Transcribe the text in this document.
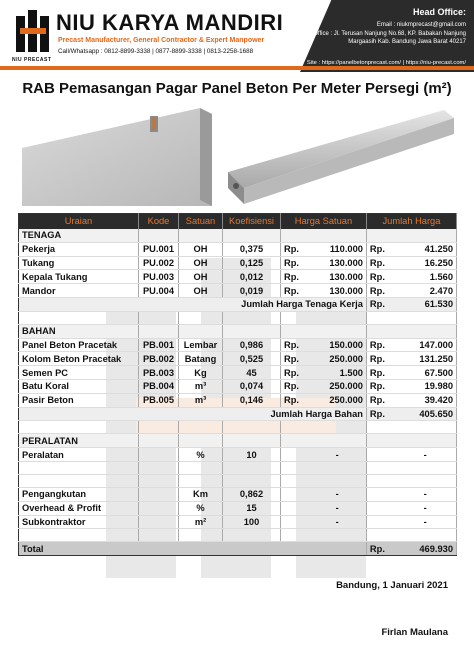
NIU PRECAST
NIU KARYA MANDIRI
Precast Manufacturer, General Contractor & Expert Manpower
Call/Whatsapp : 0812-8899-3338 | 0877-8899-3338 | 0813-2258-1688
Head Office:
Email : niukmprecast@gmail.com
Office : Jl. Terusan Nanjung No.68, KP. Babakan Nanjung
Margaasih Kab. Bandung Jawa Barat 40217
Site : https://panelbetonprecast.com/ | https://niu-precast.com/
RAB Pemasangan Pagar Panel Beton Per Meter Persegi (m²)
Uraian	Kode	Satuan	Koefisiensi	Harga Satuan		Jumlah Harga	
TENAGA							
Pekerja	PU.001	OH	0,375	Rp.	110.000	Rp.	41.250
Tukang	PU.002	OH	0,125	Rp.	130.000	Rp.	16.250
Kepala Tukang	PU.003	OH	0,012	Rp.	130.000	Rp.	1.560
Mandor	PU.004	OH	0,019	Rp.	130.000	Rp.	2.470
Jumlah Harga Tenaga Kerja						Rp.	61.530

BAHAN							
Panel Beton Pracetak	PB.001	Lembar	0,986	Rp.	150.000	Rp.	147.000
Kolom Beton Pracetak	PB.002	Batang	0,525	Rp.	250.000	Rp.	131.250
Semen PC	PB.003	Kg	45	Rp.	1.500	Rp.	67.500
Batu Koral	PB.004	m³	0,074	Rp.	250.000	Rp.	19.980
Pasir Beton	PB.005	m³	0,146	Rp.	250.000	Rp.	39.420
Jumlah Harga Bahan						Rp.	405.650

PERALATAN							
Peralatan		%	10		-		-

Pengangkutan		Km	0,862		-		-
Overhead & Profit		%	15		-		-
Subkontraktor		m²	100		-		-

Total						Rp.	469.930
Bandung, 1 Januari 2021
Firlan Maulana
